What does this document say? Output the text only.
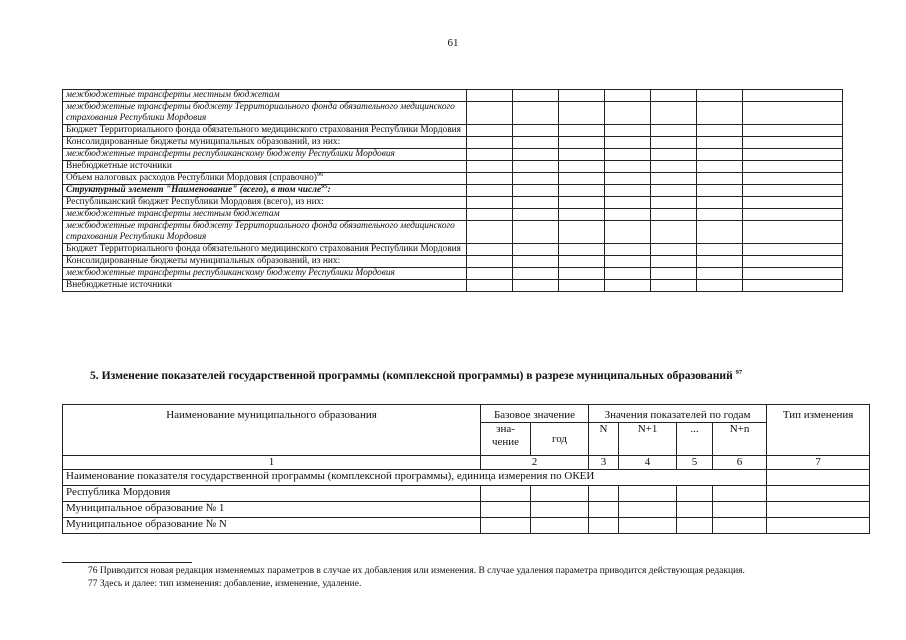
61
межбюджетные трансферты местным бюджетам							
межбюджетные трансферты бюджету Территориального фонда обязательного медицинского страхования Республики Мордовия							
Бюджет Территориального фонда обязательного медицинского страхования Республики Мордовия							
Консолидированные бюджеты муниципальных образований, из них:							
межбюджетные трансферты республиканскому бюджету Республики Мордовия							
Внебюджетные источники							
Объем налоговых расходов Республики Мордовия (справочно)$^{96}$							
Структурный элемент "Наименование" (всего), в том числе$^{95}$:							
Республиканский бюджет Республики Мордовия (всего), из них:							
межбюджетные трансферты местным бюджетам							
межбюджетные трансферты бюджету Территориального фонда обязательного медицинского страхования Республики Мордовия							
Бюджет Территориального фонда обязательного медицинского страхования Республики Мордовия							
Консолидированные бюджеты муниципальных образований, из них:							
межбюджетные трансферты республиканскому бюджету Республики Мордовия							
Внебюджетные источники							
5. Изменение показателей государственной программы (комплексной программы) в разрезе муниципальных образований $^{97}$
Наименование муниципального образования	Базовое значение		Значения показателей по годам				Тип изменения
	зна-чение	год	N	N+1	...	N+n	
1	2		3	4	5	6	7
Наименование показателя государственной программы (комплексной программы), единица измерения по ОКЕИ							
Республика Мордовия							
Муниципальное образование № 1							
Муниципальное образование № N							
76 Приводится новая редакция изменяемых параметров в случае их добавления или изменения. В случае удаления параметра приводится действующая редакция.
77 Здесь и далее: тип изменения: добавление, изменение, удаление.
